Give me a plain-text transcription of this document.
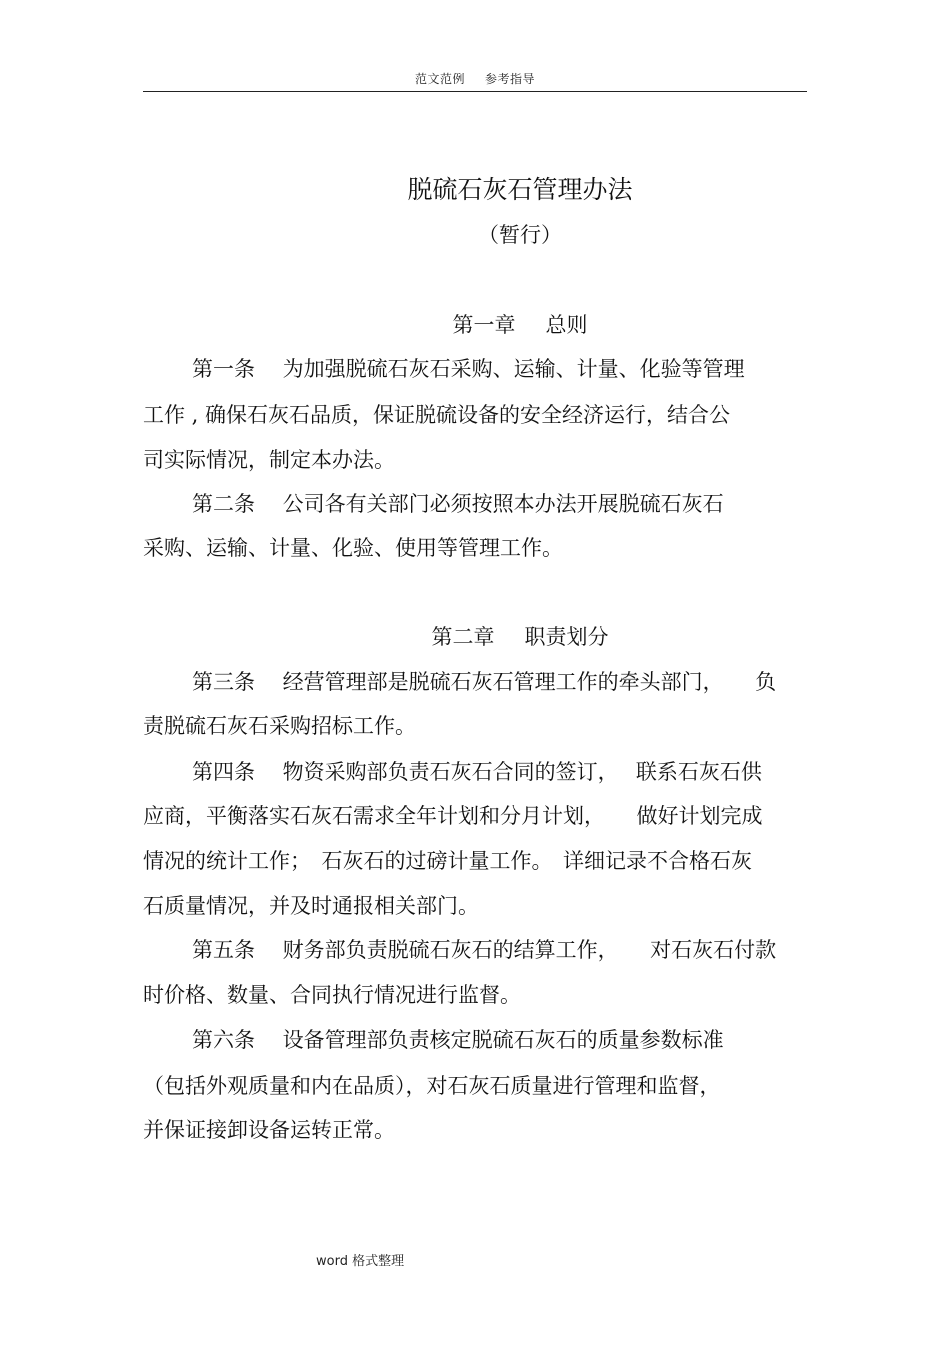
范文范例 参考指导
脱硫石灰石管理办法
（暂行）
第一章 总则
第一条　 为加强脱硫石灰石采购、运输、计量、化验等管理
工作 , 确保石灰石品质，保证脱硫设备的安全经济运行，结合公
司实际情况，制定本办法。
第二条　 公司各有关部门必须按照本办法开展脱硫石灰石
采购、运输、计量、化验、使用等管理工作。
第二章 职责划分
第三条　 经营管理部是脱硫石灰石管理工作的牵头部门，　　负
责脱硫石灰石采购招标工作。
第四条　 物资采购部负责石灰石合同的签订，　 联系石灰石供
应商，平衡落实石灰石需求全年计划和分月计划，　　做好计划完成
情况的统计工作；　石灰石的过磅计量工作。　详细记录不合格石灰
石质量情况，并及时通报相关部门。
第五条　 财务部负责脱硫石灰石的结算工作，　　对石灰石付款
时价格、数量、合同执行情况进行监督。
第六条　 设备管理部负责核定脱硫石灰石的质量参数标准
（包括外观质量和内在品质），对石灰石质量进行管理和监督，
并保证接卸设备运转正常。
word 格式整理
